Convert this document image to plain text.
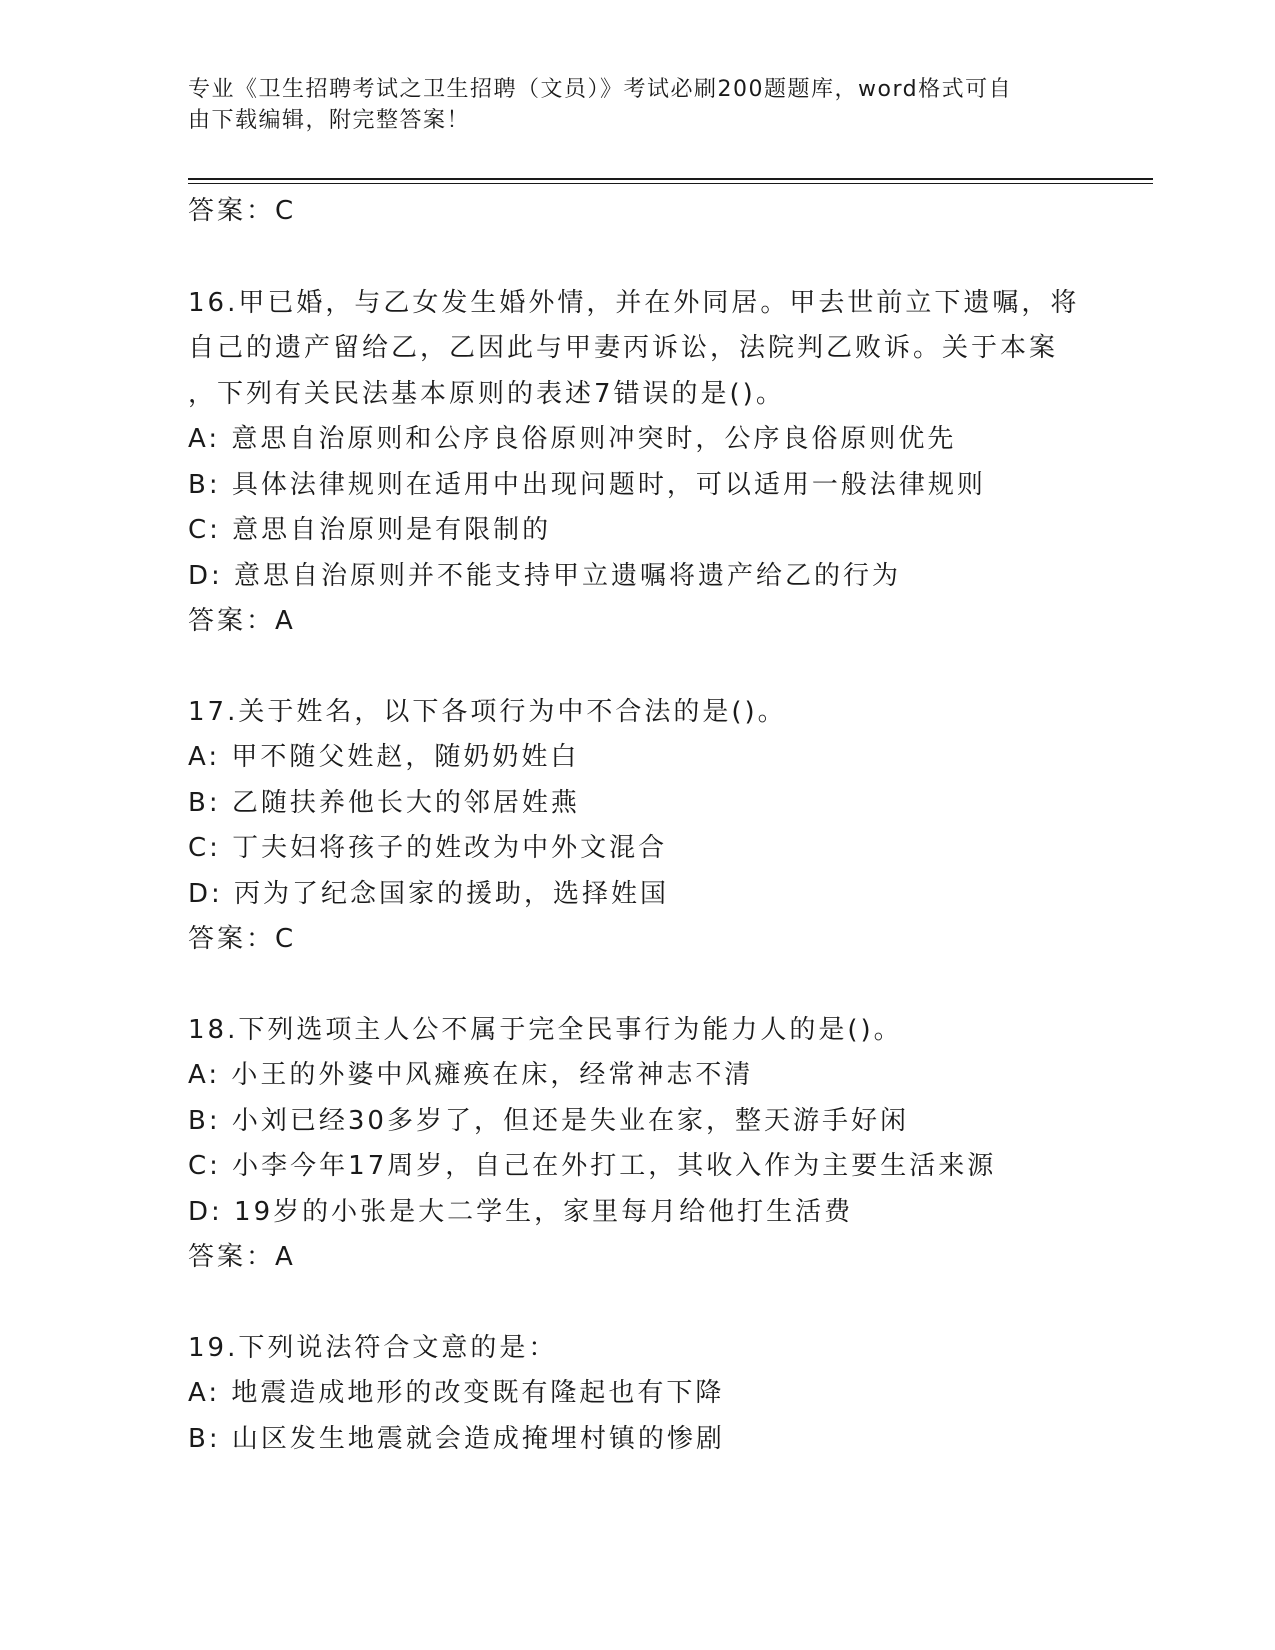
专业《卫生招聘考试之卫生招聘（文员）》考试必刷200题题库，word格式可自
由下载编辑，附完整答案！
答案：C
16.甲已婚，与乙女发生婚外情，并在外同居。甲去世前立下遗嘱，将
自己的遗产留给乙，乙因此与甲妻丙诉讼，法院判乙败诉。关于本案
，下列有关民法基本原则的表述7错误的是()。
A: 意思自治原则和公序良俗原则冲突时，公序良俗原则优先
B: 具体法律规则在适用中出现问题时，可以适用一般法律规则
C: 意思自治原则是有限制的
D: 意思自治原则并不能支持甲立遗嘱将遗产给乙的行为
答案：A
17.关于姓名，以下各项行为中不合法的是()。
A: 甲不随父姓赵，随奶奶姓白
B: 乙随扶养他长大的邻居姓燕
C: 丁夫妇将孩子的姓改为中外文混合
D: 丙为了纪念国家的援助，选择姓国
答案：C
18.下列选项主人公不属于完全民事行为能力人的是()。
A: 小王的外婆中风瘫痪在床，经常神志不清
B: 小刘已经30多岁了，但还是失业在家，整天游手好闲
C: 小李今年17周岁，自己在外打工，其收入作为主要生活来源
D: 19岁的小张是大二学生，家里每月给他打生活费
答案：A
19.下列说法符合文意的是：
A: 地震造成地形的改变既有隆起也有下降
B: 山区发生地震就会造成掩埋村镇的惨剧
